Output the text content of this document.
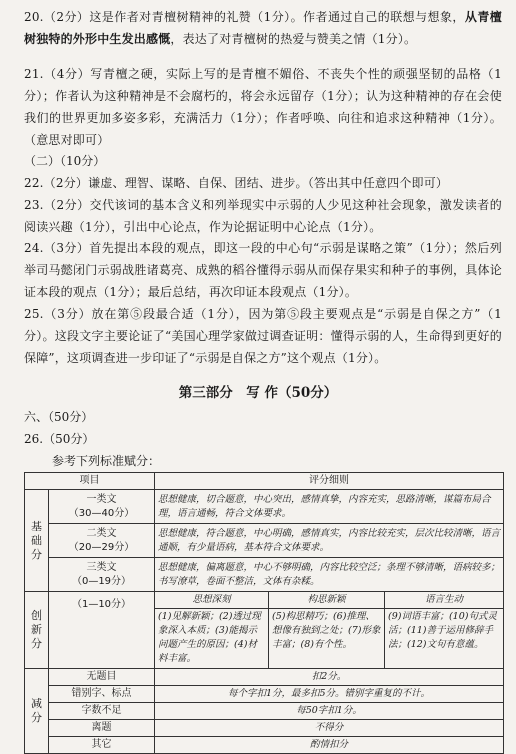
20.（2分）这是作者对青檀树精神的礼赞（1分）。作者通过自己的联想与想象，从青檀树独特的外形中生发出感慨，表达了对青檀树的热爱与赞美之情（1分）。
21.（4分）写青檀之硬，实际上写的是青檀不媚俗、不丧失个性的顽强坚韧的品格（1分）；作者认为这种精神是不会腐朽的，将会永远留存（1分）；认为这种精神的存在会使我们的世界更加多姿多彩，充满活力（1分）；作者呼唤、向往和追求这种精神（1分）。（意思对即可）
（二）（10分）
22.（2分）谦虚、理智、谋略、自保、团结、进步。（答出其中任意四个即可）
23.（2分）交代该词的基本含义和列举现实中示弱的人少见这种社会现象，激发读者的阅读兴趣（1分），引出中心论点，作为论据证明中心论点（1分）。
24.（3分）首先提出本段的观点，即这一段的中心句“示弱是谋略之策”（1分）；然后列举司马懿闭门示弱战胜诸葛亮、成熟的稻谷懂得示弱从而保存果实和种子的事例，具体论证本段的观点（1分）；最后总结，再次印证本段观点（1分）。
25.（3分）放在第⑤段最合适（1分），因为第⑤段主要观点是“示弱是自保之方”（1分）。这段文字主要论证了“美国心理学家做过调查证明：懂得示弱的人，生命得到更好的保障”，这项调查进一步印证了“示弱是自保之方”这个观点（1分）。
第三部分　写 作（50分）
六、（50分）
26.（50分）
参考下列标准赋分：
项目		评分细则		
基础分	一类文
（30—40分）	思想健康，切合题意，中心突出，感情真挚，内容充实，思路清晰，谋篇布局合理，语言通畅，符合文体要求。		
	二类文
（20—29分）	思想健康，符合题意，中心明确，感情真实，内容比较充实，层次比较清晰，语言通顺，有少量语病，基本符合文体要求。		
	三类文
（0—19分）	思想健康，偏离题意，中心不够明确，内容比较空泛；条理不够清晰，语病较多；书写潦草，卷面不整洁，文体有杂糅。		
创新分	（1—10分）	思想深刻	构思新颖	语言生动
		(1)见解新颖；(2)透过现象深入本质；(3)能揭示问题产生的原因；(4)材料丰富。	(5)构思精巧；(6)推理、想像有独到之处；(7)形象丰富；(8)有个性。	(9)词语丰富；(10)句式灵活；(11)善于运用修辞手法；(12)文句有意蕴。
减分	无题目	扣2分。		
	错别字、标点	每个字扣1分，最多扣5分。错别字重复的不计。		
	字数不足	每50字扣1分。		
	离题	不得分		
	其它	酌情扣分		
